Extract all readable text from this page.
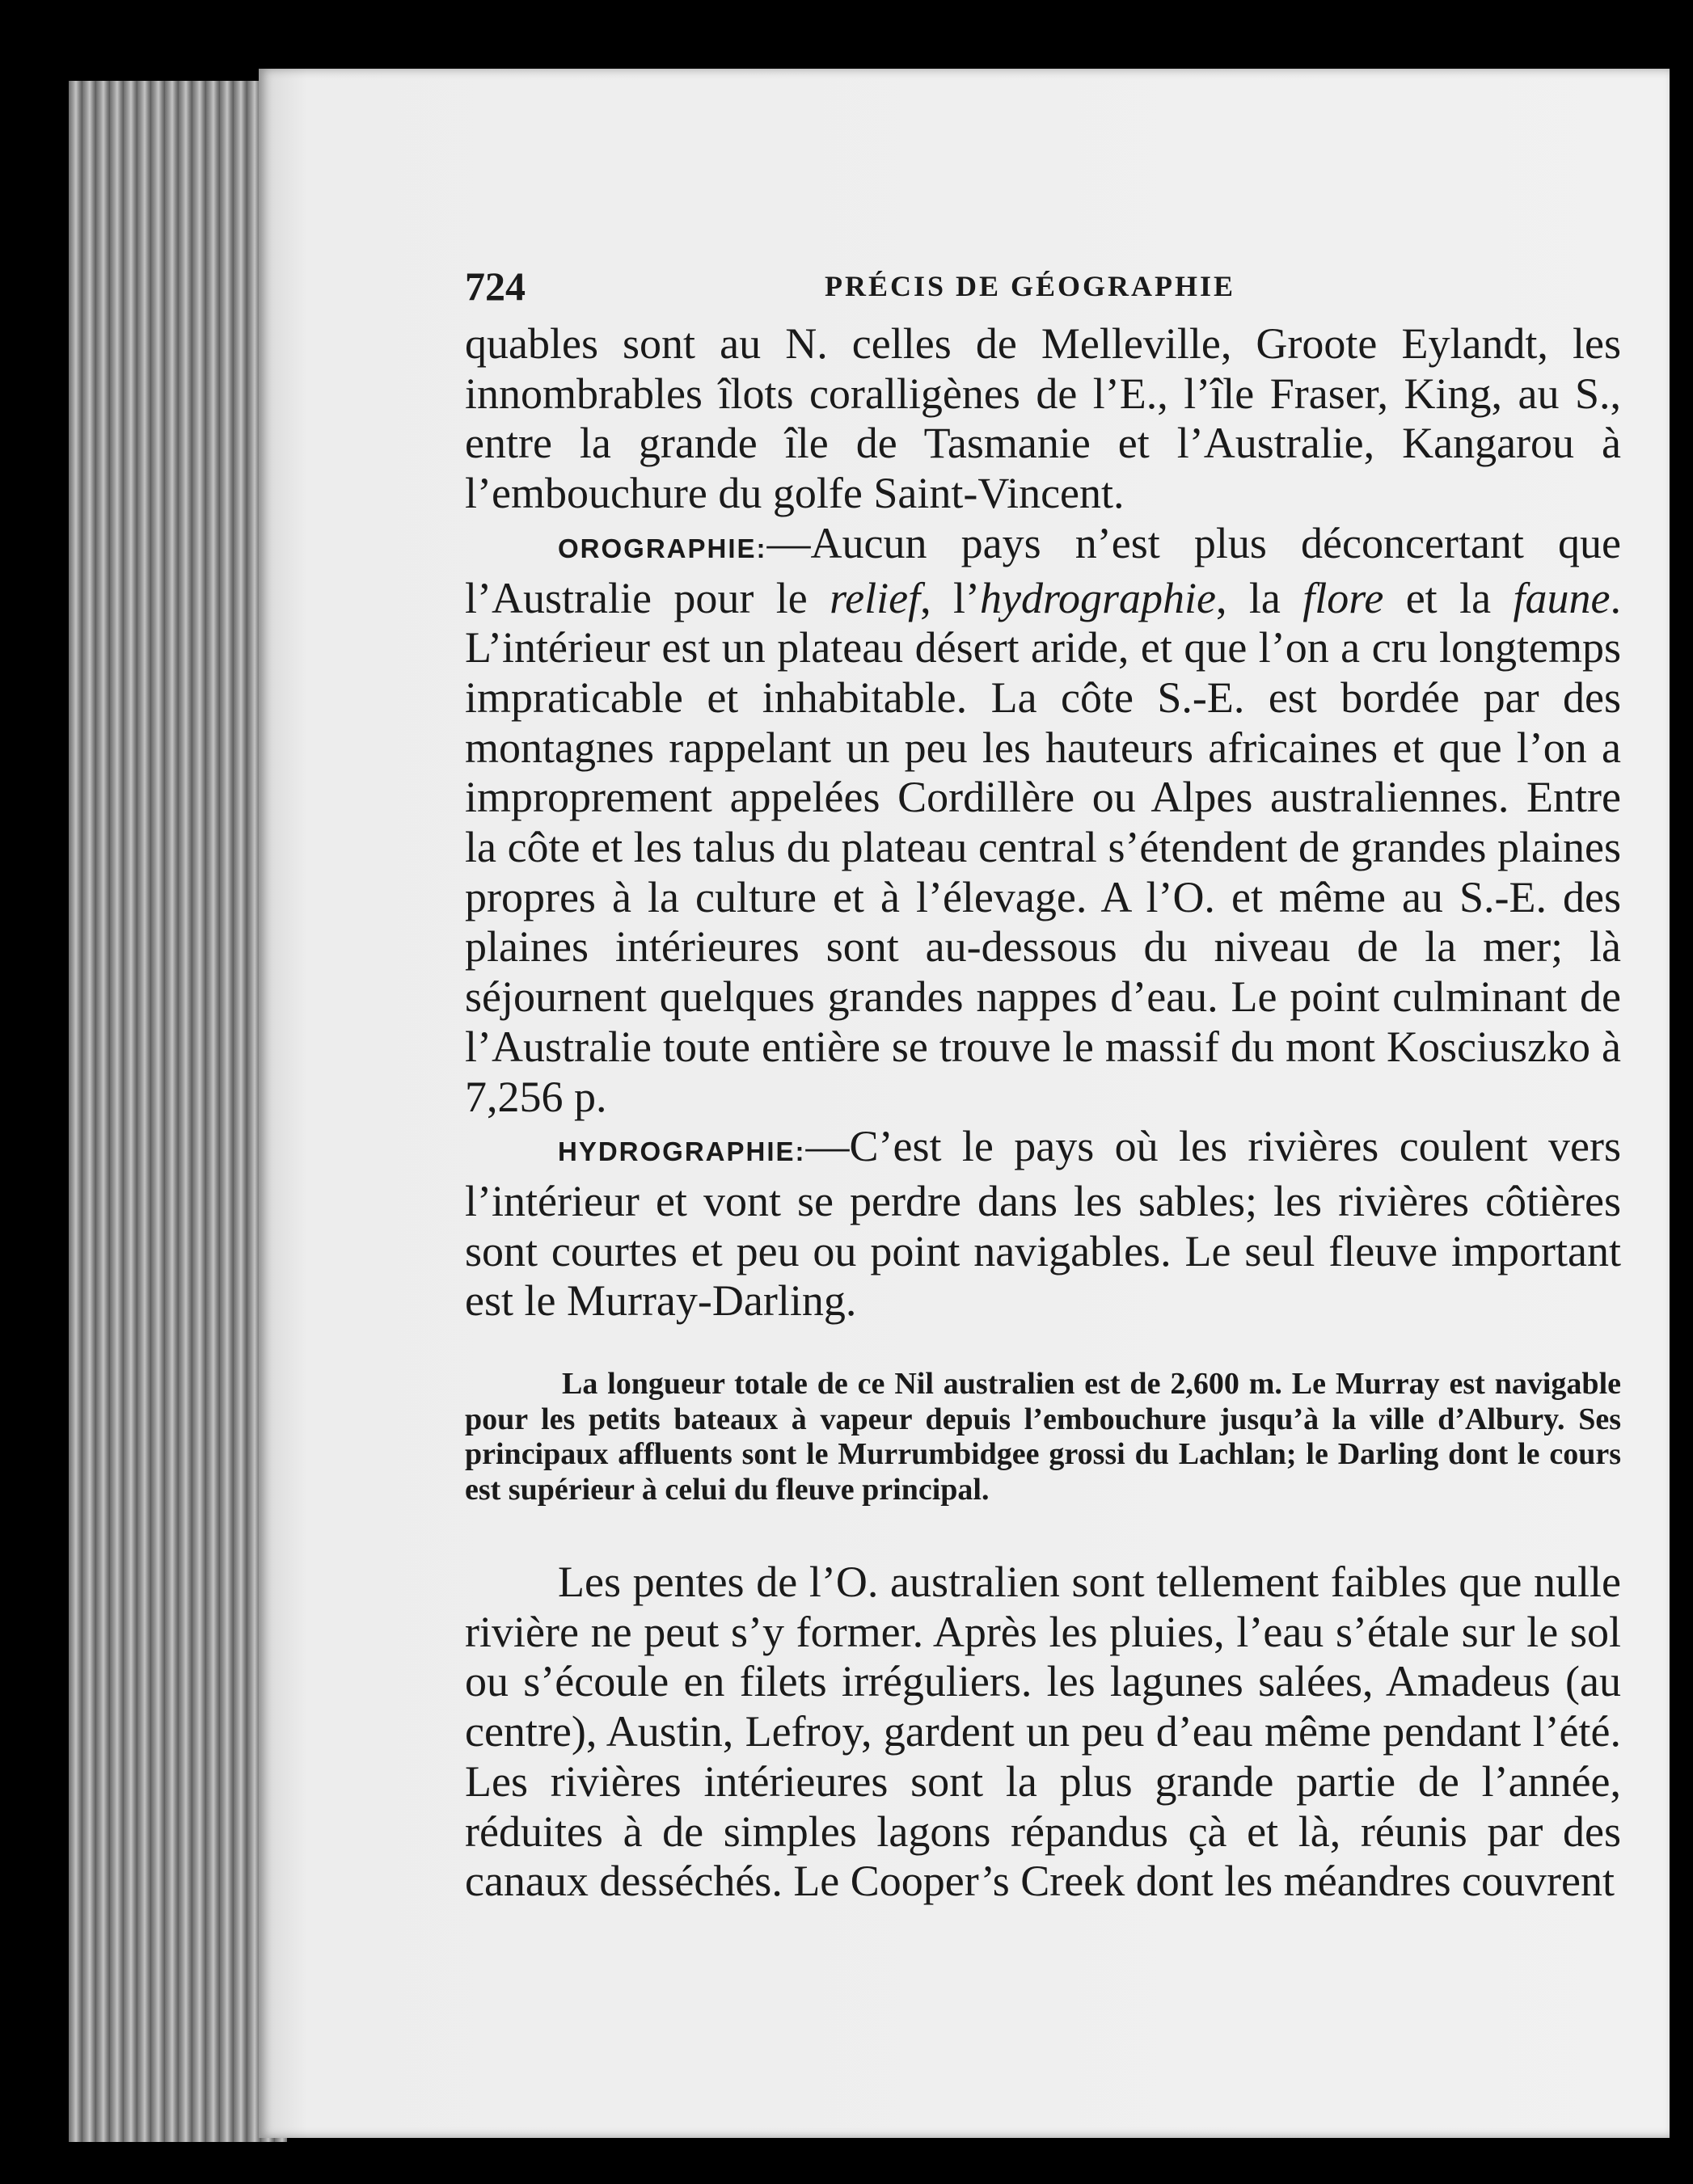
724	PRÉCIS DE GÉOGRAPHIE

quables sont au N. celles de Melleville, Groote Eylandt, les innombrables îlots coralligènes de l’E., l’île Fraser, King, au S., entre la grande île de Tasmanie et l’Australie, Kangarou à l’embouchure du golfe Saint-Vincent.

OROGRAPHIE:—Aucun pays n’est plus déconcertant que l’Australie pour le relief, l’hydrographie, la flore et la faune. L’intérieur est un plateau désert aride, et que l’on a cru longtemps impraticable et inhabitable. La côte S.-E. est bordée par des montagnes rappelant un peu les hauteurs africaines et que l’on a improprement appelées Cordillère ou Alpes australiennes. Entre la côte et les talus du plateau central s’étendent de grandes plaines propres à la culture et à l’élevage. A l’O. et même au S.-E. des plaines intérieures sont au-dessous du niveau de la mer; là séjournent quelques grandes nappes d’eau. Le point culminant de l’Australie toute entière se trouve le massif du mont Kosciuszko à 7,256 p.

HYDROGRAPHIE:—C’est le pays où les rivières coulent vers l’intérieur et vont se perdre dans les sables; les rivières côtières sont courtes et peu ou point navigables. Le seul fleuve important est le Murray-Darling.

La longueur totale de ce Nil australien est de 2,600 m. Le Murray est navigable pour les petits bateaux à vapeur depuis l’embouchure jusqu’à la ville d’Albury. Ses principaux affluents sont le Murrumbidgee grossi du Lachlan; le Darling dont le cours est supérieur à celui du fleuve principal.

Les pentes de l’O. australien sont tellement faibles que nulle rivière ne peut s’y former. Après les pluies, l’eau s’étale sur le sol ou s’écoule en filets irréguliers. les lagunes salées, Amadeus (au centre), Austin, Lefroy, gardent un peu d’eau même pendant l’été. Les rivières intérieures sont la plus grande partie de l’année, réduites à de simples lagons répandus çà et là, réunis par des canaux desséchés. Le Cooper’s Creek dont les méandres couvrent
